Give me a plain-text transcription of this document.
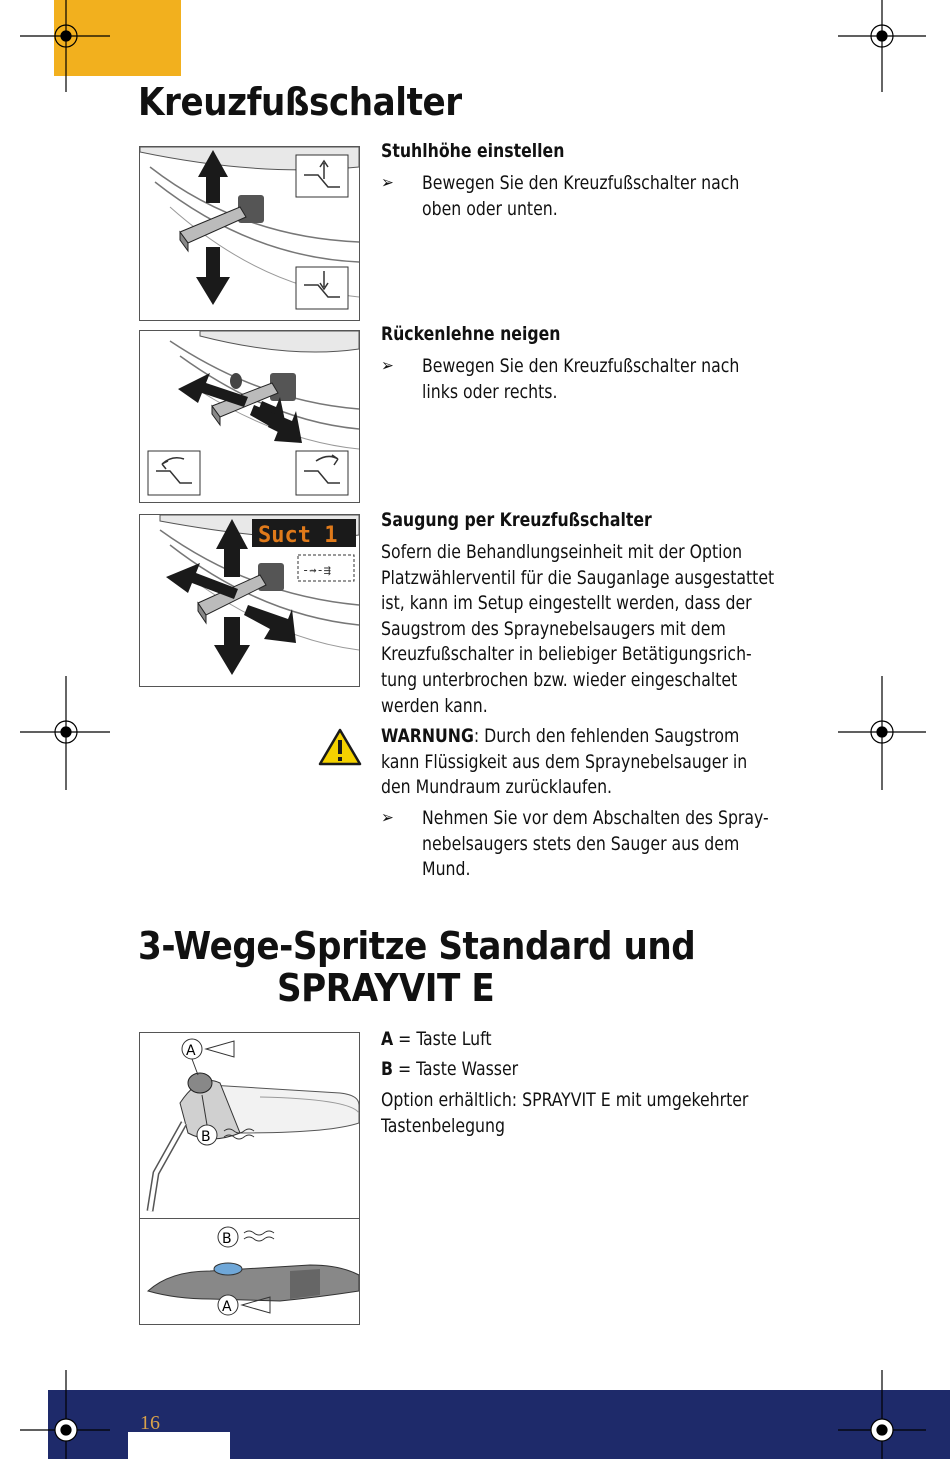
Kreuzfußschalter
Stuhlhöhe einstellen
➢ Bewegen Sie den Kreuzfußschalter nach
oben oder unten.
Rückenlehne neigen
➢ Bewegen Sie den Kreuzfußschalter nach
links oder rechts.
Suct 1
-⇝-⇶
Saugung per Kreuzfußschalter
Sofern die Behandlungseinheit mit der Option
Platzwählerventil für die Sauganlage ausgestattet
ist, kann im Setup eingestellt werden, dass der
Saugstrom des Spraynebelsaugers mit dem
Kreuzfußschalter in beliebiger Betätigungsrich-
tung unterbrochen bzw. wieder eingeschaltet
werden kann.
WARNUNG: Durch den fehlenden Saugstrom
kann Flüssigkeit aus dem Spraynebelsauger in
den Mundraum zurücklaufen.
➢ Nehmen Sie vor dem Abschalten des Spray-
nebelsaugers stets den Sauger aus dem
Mund.
3-Wege-Spritze Standard und
SPRAYVIT E
A
B
B
A
A = Taste Luft
B = Taste Wasser
Option erhältlich: SPRAYVIT E mit umgekehrter
Tastenbelegung
16
